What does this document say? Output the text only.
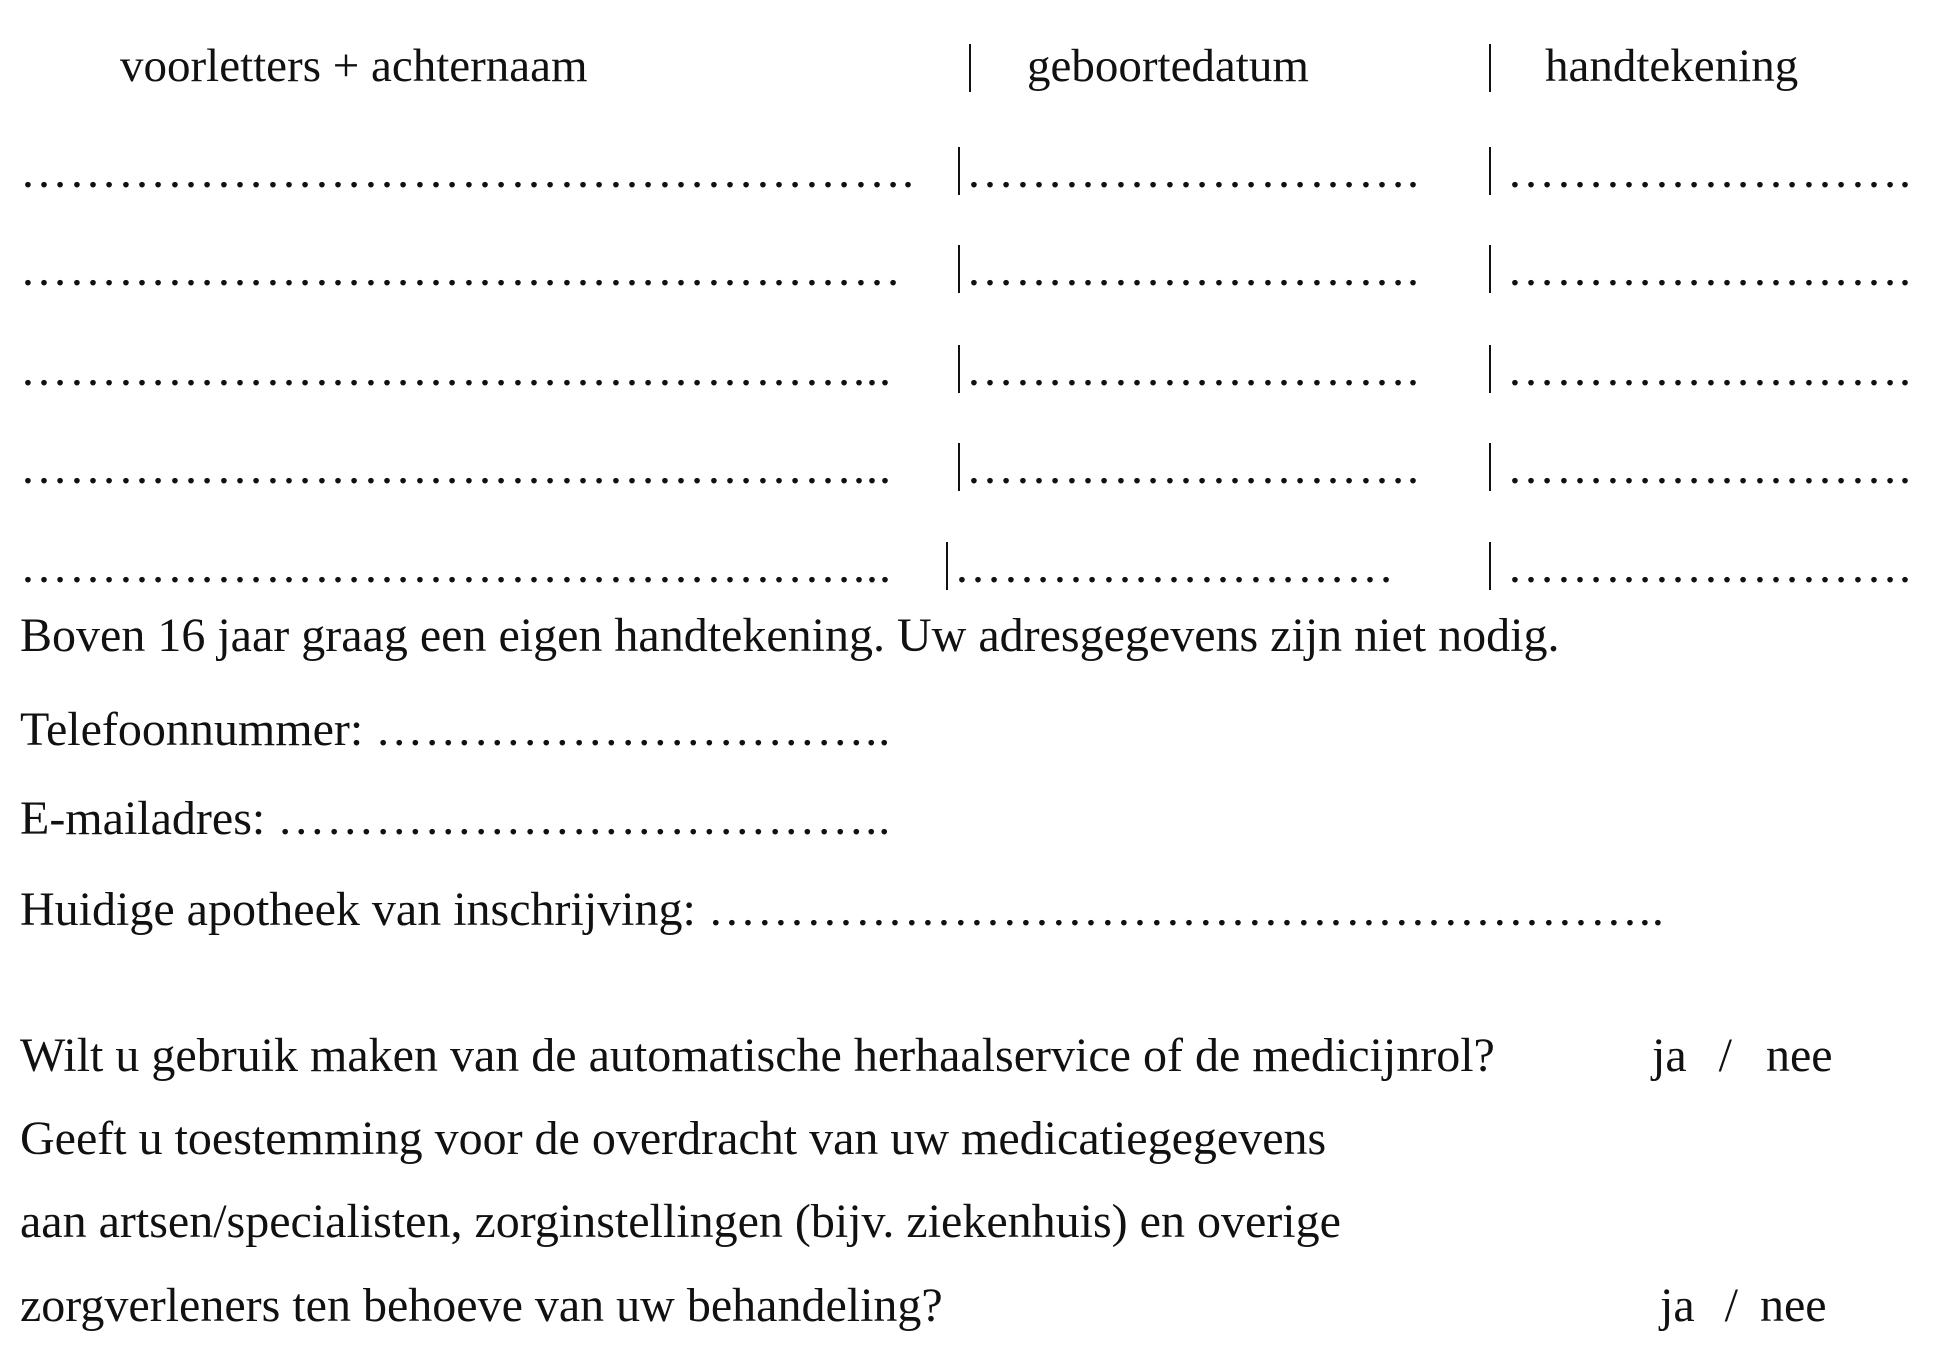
voorletters + achternaam	geboortedatum	handtekening
………………………………………………. ………………………. …………………….
……………………………………………… ………………………. …………………….
……………………………………………... ………………………. …………………….
……………………………………………... ………………………. …………………….
……………………………………………... ……………………… …………………….
Boven 16 jaar graag een eigen handtekening. Uw adresgegevens zijn niet nodig.
Telefoonnummer: …………………………..
E-mailadres: ………………………………..
Huidige apotheek van inschrijving: …………………………………………………..
Wilt u gebruik maken van de automatische herhaalservice of de medicijnrol?	ja / nee
Geeft u toestemming voor de overdracht van uw medicatiegegevens
aan artsen/specialisten, zorginstellingen (bijv. ziekenhuis) en overige
zorgverleners ten behoeve van uw behandeling?	ja / nee
